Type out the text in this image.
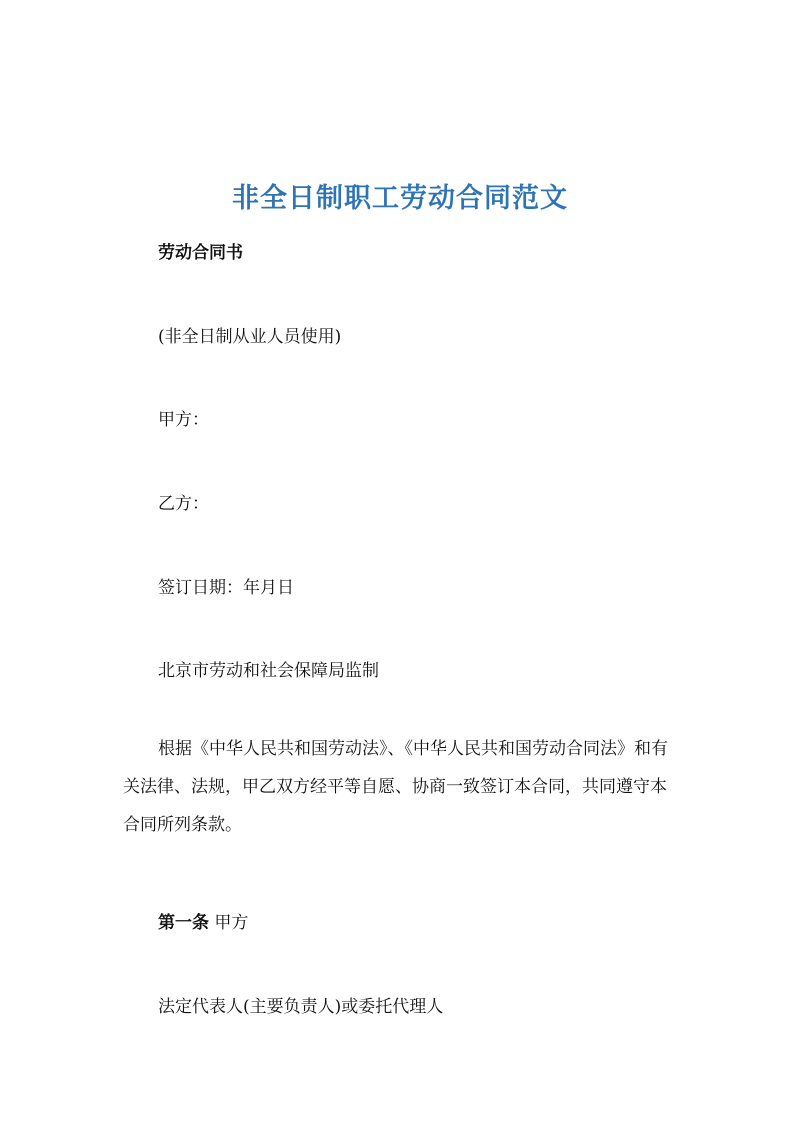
非全日制职工劳动合同范文
劳动合同书
(非全日制从业人员使用)
甲方：
乙方：
签订日期：年月日
北京市劳动和社会保障局监制

根据《中华人民共和国劳动法》、《中华人民共和国劳动合同法》和有关法律、法规，甲乙双方经平等自愿、协商一致签订本合同，共同遵守本合同所列条款。

第一条 甲方
法定代表人(主要负责人)或委托代理人
